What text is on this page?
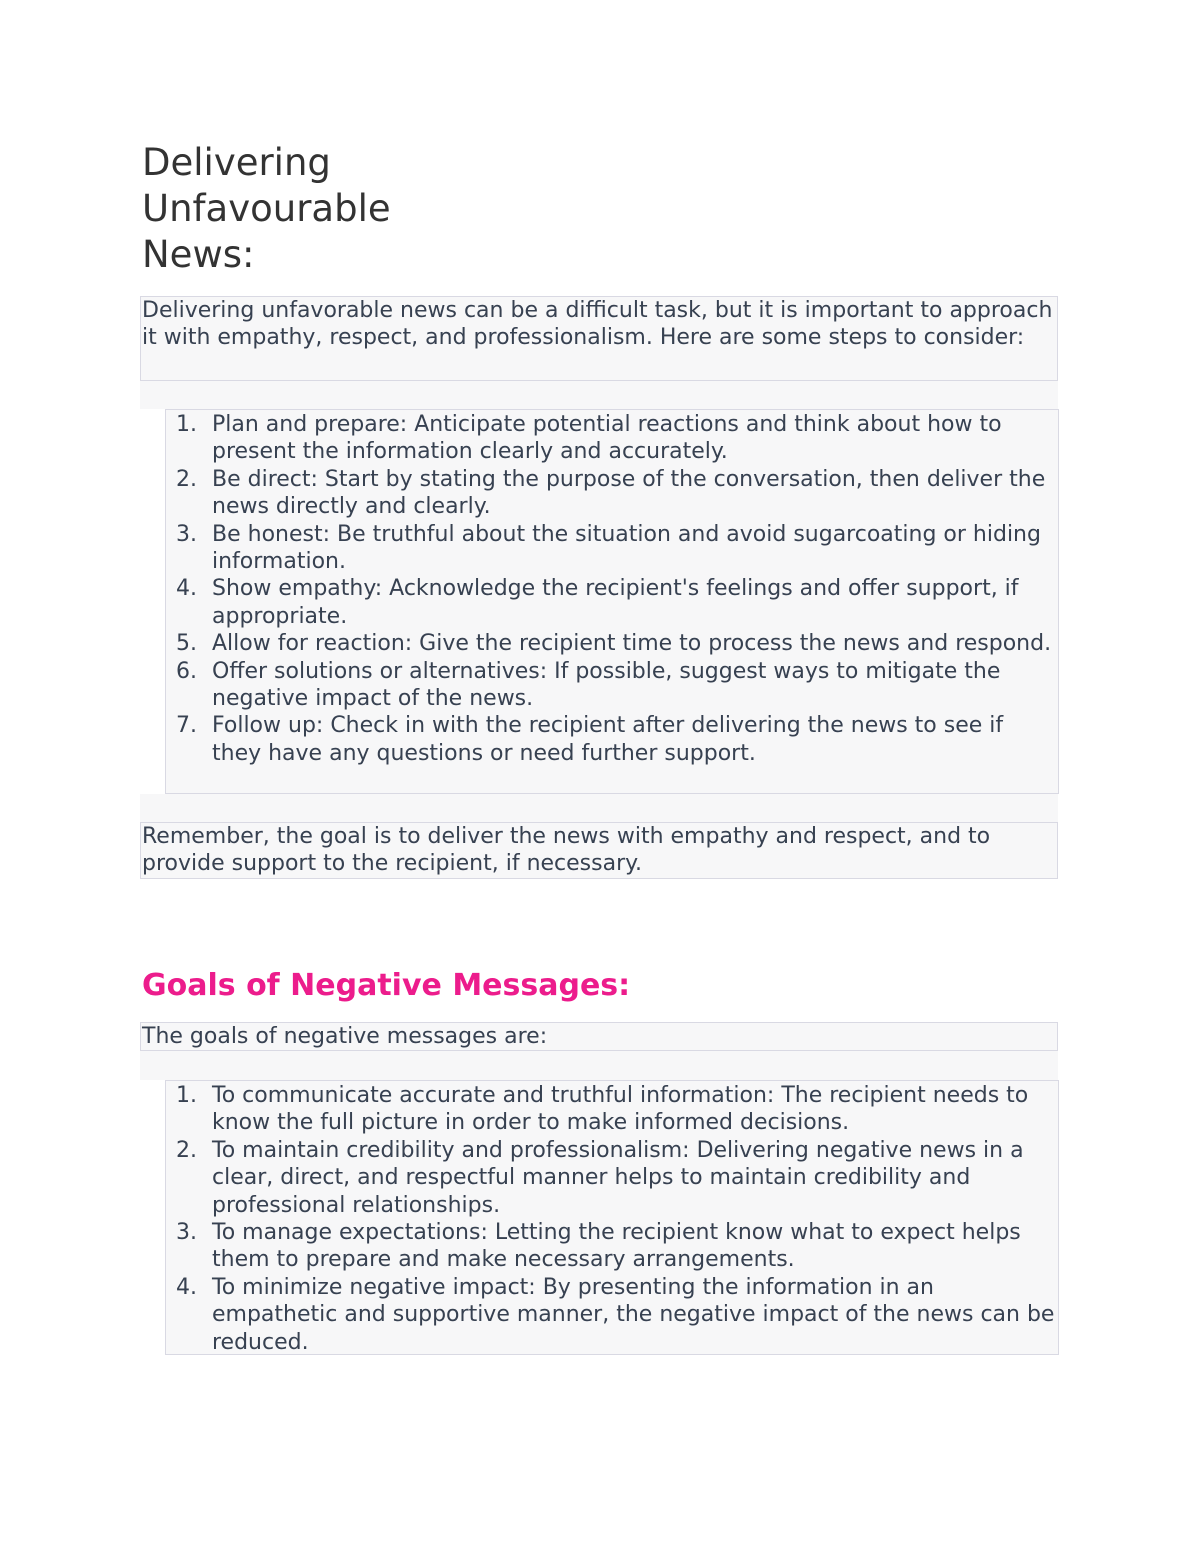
Delivering Unfavourable News:
Delivering unfavorable news can be a difficult task, but it is important to approach it with empathy, respect, and professionalism. Here are some steps to consider:
1. Plan and prepare: Anticipate potential reactions and think about how to present the information clearly and accurately.
2. Be direct: Start by stating the purpose of the conversation, then deliver the news directly and clearly.
3. Be honest: Be truthful about the situation and avoid sugarcoating or hiding information.
4. Show empathy: Acknowledge the recipient's feelings and offer support, if appropriate.
5. Allow for reaction: Give the recipient time to process the news and respond.
6. Offer solutions or alternatives: If possible, suggest ways to mitigate the negative impact of the news.
7. Follow up: Check in with the recipient after delivering the news to see if they have any questions or need further support.
Remember, the goal is to deliver the news with empathy and respect, and to provide support to the recipient, if necessary.
Goals of Negative Messages:
The goals of negative messages are:
1. To communicate accurate and truthful information: The recipient needs to know the full picture in order to make informed decisions.
2. To maintain credibility and professionalism: Delivering negative news in a clear, direct, and respectful manner helps to maintain credibility and professional relationships.
3. To manage expectations: Letting the recipient know what to expect helps them to prepare and make necessary arrangements.
4. To minimize negative impact: By presenting the information in an empathetic and supportive manner, the negative impact of the news can be reduced.
